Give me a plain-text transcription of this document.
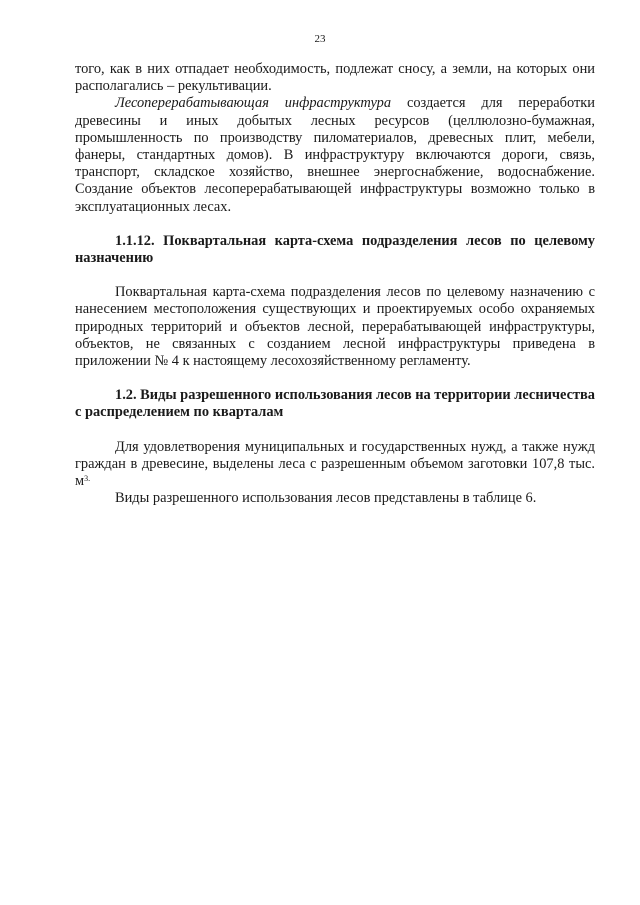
23

того, как в них отпадает необходимость, подлежат сносу, а земли, на которых они располагались – рекультивации.

Лесоперерабатывающая инфраструктура создается для переработки древесины и иных добытых лесных ресурсов (целлюлозно-бумажная, промышленность по производству пиломатериалов, древесных плит, мебели, фанеры, стандартных домов). В инфраструктуру включаются дороги, связь, транспорт, складское хозяйство, внешнее энергоснабжение, водоснабжение. Создание объектов лесоперерабатывающей инфраструктуры возможно только в эксплуатационных лесах.

1.1.12. Поквартальная карта-схема подразделения лесов по целевому назначению

Поквартальная карта-схема подразделения лесов по целевому назначению с нанесением местоположения существующих и проектируемых особо охраняемых природных территорий и объектов лесной, перерабатывающей инфраструктуры, объектов, не связанных с созданием лесной инфраструктуры приведена в приложении № 4 к настоящему лесохозяйственному регламенту.

1.2. Виды разрешенного использования лесов на территории лесничества с распределением по кварталам

Для удовлетворения муниципальных и государственных нужд, а также нужд граждан в древесине, выделены леса с разрешенным объемом заготовки 107,8 тыс. $м^{3.}$

Виды разрешенного использования лесов представлены в таблице 6.
